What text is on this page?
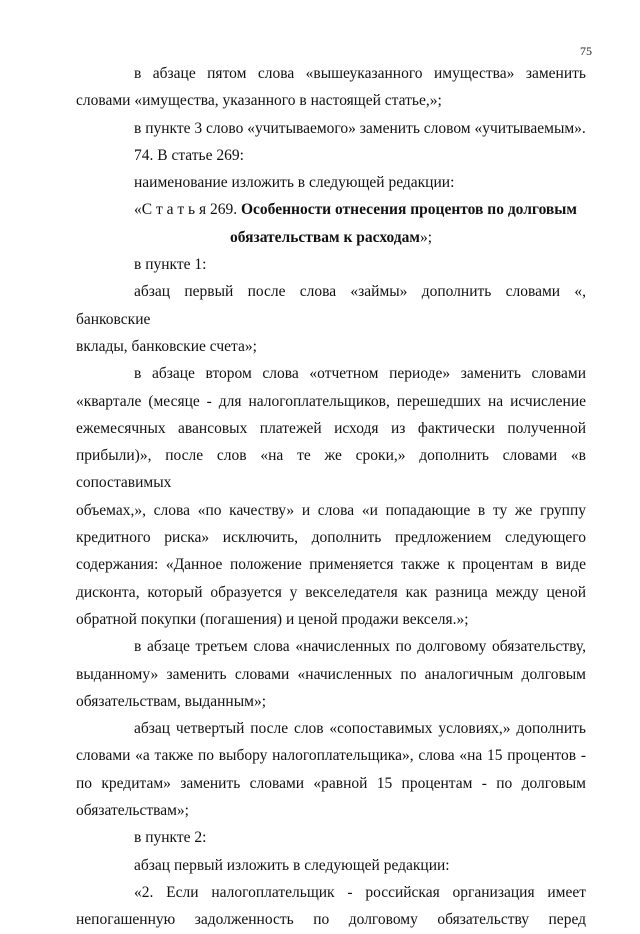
75
в абзаце пятом слова «вышеуказанного имущества» заменить
словами «имущества, указанного в настоящей статье,»;
в пункте 3 слово «учитываемого» заменить словом «учитываемым».
74. В статье 269:
наименование изложить в следующей редакции:
«С т а т ь я 269. Особенности отнесения процентов по долговым
обязательствам к расходам»;
в пункте 1:
абзац первый после слова «займы» дополнить словами «, банковские
вклады, банковские счета»;
в абзаце втором слова «отчетном периоде» заменить словами
«квартале (месяце - для налогоплательщиков, перешедших на исчисление
ежемесячных авансовых платежей исходя из фактически полученной
прибыли)», после слов «на те же сроки,» дополнить словами «в сопоставимых
объемах,», слова «по качеству» и слова «и попадающие в ту же группу
кредитного риска» исключить, дополнить предложением следующего
содержания: «Данное положение применяется также к процентам в виде
дисконта, который образуется у векселедателя как разница между ценой
обратной покупки (погашения) и ценой продажи векселя.»;
в абзаце третьем слова «начисленных по долговому обязательству,
выданному» заменить словами «начисленных по аналогичным долговым
обязательствам, выданным»;
абзац четвертый после слов «сопоставимых условиях,» дополнить
словами «а также по выбору налогоплательщика», слова «на 15 процентов -
по кредитам» заменить словами «равной 15 процентам - по долговым
обязательствам»;
в пункте 2:
абзац первый изложить в следующей редакции:
«2. Если налогоплательщик - российская организация имеет
непогашенную задолженность по долговому обязательству перед
